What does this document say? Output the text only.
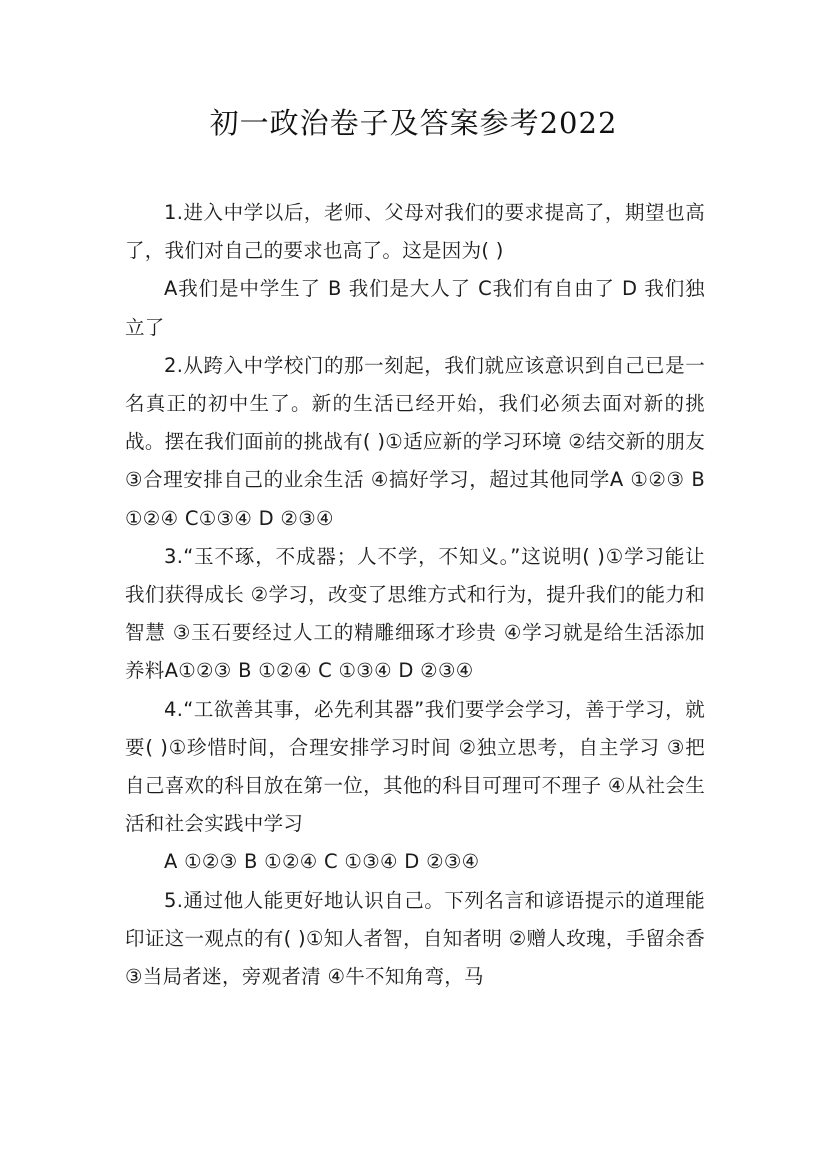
初一政治卷子及答案参考2022

1.进入中学以后，老师、父母对我们的要求提高了，期望也高了，我们对自己的要求也高了。这是因为( )

A我们是中学生了 B 我们是大人了 C我们有自由了 D 我们独立了

2.从跨入中学校门的那一刻起，我们就应该意识到自己已是一名真正的初中生了。新的生活已经开始，我们必须去面对新的挑战。摆在我们面前的挑战有( )①适应新的学习环境 ②结交新的朋友 ③合理安排自己的业余生活 ④搞好学习，超过其他同学A ①②③ B ①②④ C①③④ D ②③④

3.“玉不琢，不成器；人不学，不知义。”这说明( )①学习能让我们获得成长 ②学习，改变了思维方式和行为，提升我们的能力和智慧 ③玉石要经过人工的精雕细琢才珍贵 ④学习就是给生活添加养料A①②③ B ①②④ C ①③④ D ②③④

4.“工欲善其事，必先利其器”我们要学会学习，善于学习，就要( )①珍惜时间，合理安排学习时间 ②独立思考，自主学习 ③把自己喜欢的科目放在第一位，其他的科目可理可不理子 ④从社会生活和社会实践中学习

A ①②③ B ①②④ C ①③④ D ②③④

5.通过他人能更好地认识自己。下列名言和谚语提示的道理能印证这一观点的有( )①知人者智，自知者明 ②赠人玫瑰，手留余香 ③当局者迷，旁观者清 ④牛不知角弯，马
